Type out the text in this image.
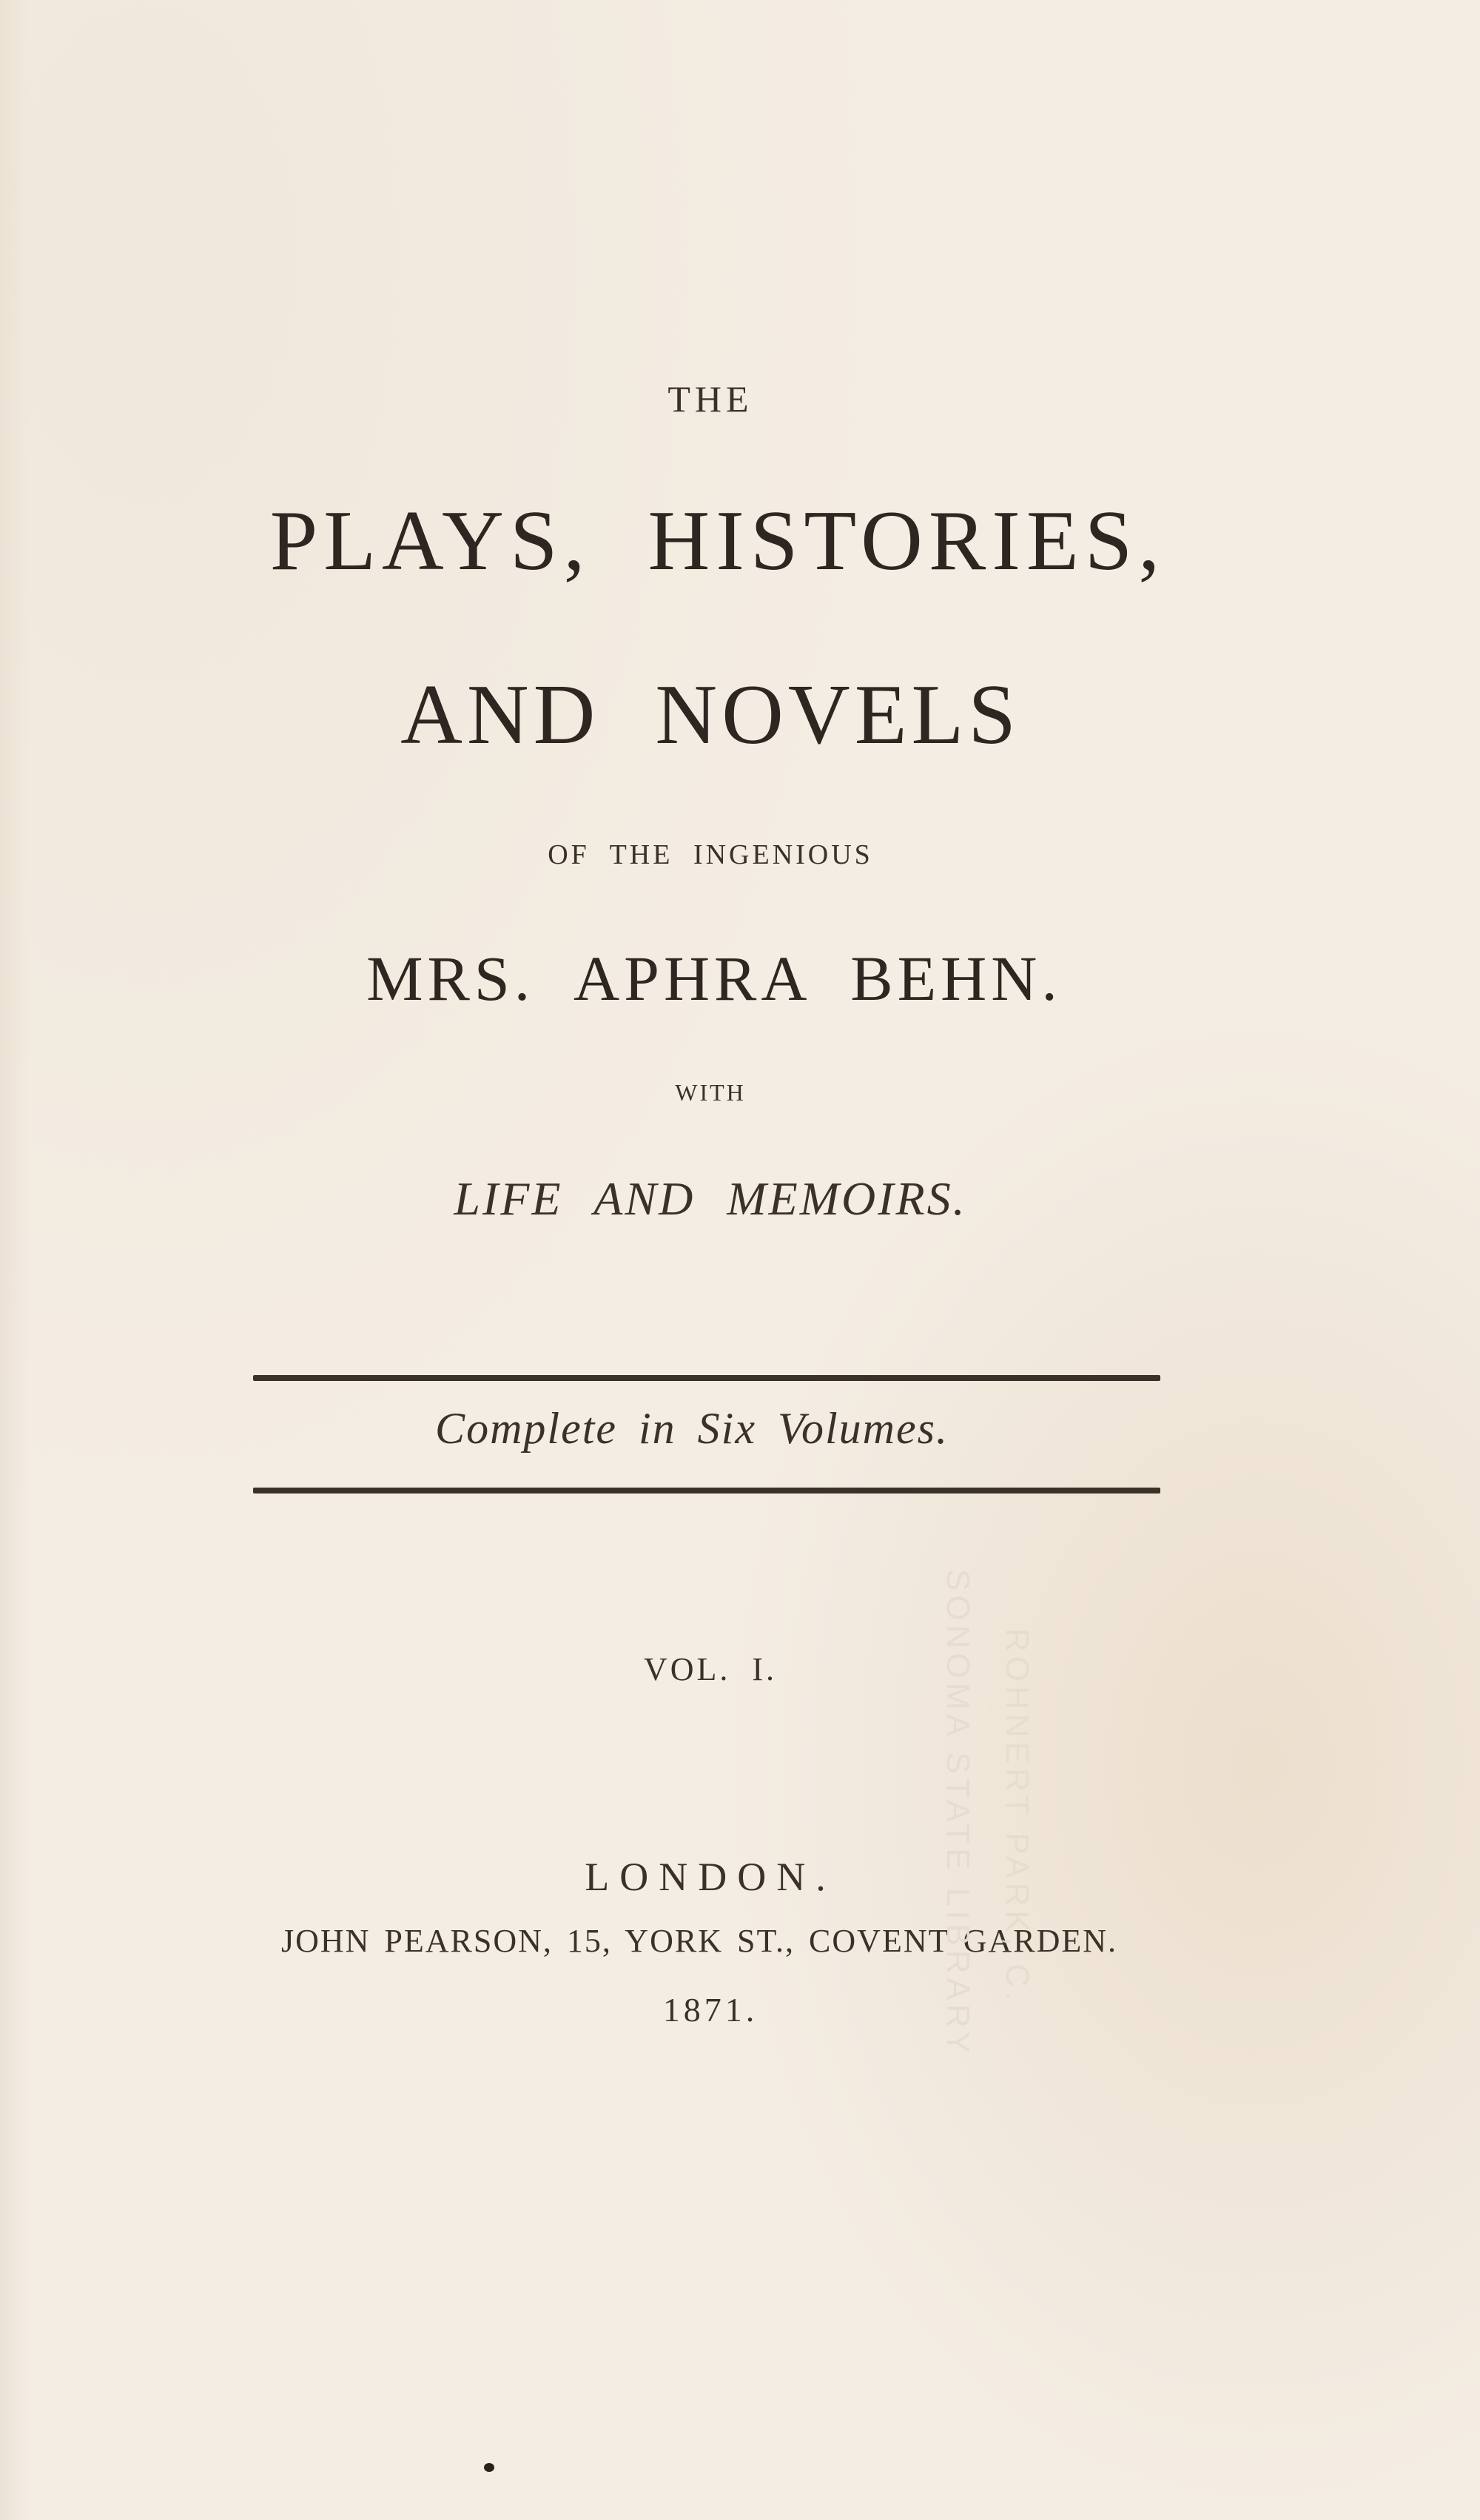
THE
PLAYS, HISTORIES,
AND NOVELS
OF THE INGENIOUS
MRS. APHRA BEHN.
WITH
LIFE AND MEMOIRS.
Complete in Six Volumes.
VOL. I.
LONDON.
JOHN PEARSON, 15, YORK ST., COVENT GARDEN.
1871.	SONOMA STATE LIBRARY ROHNERT PARK, C.
